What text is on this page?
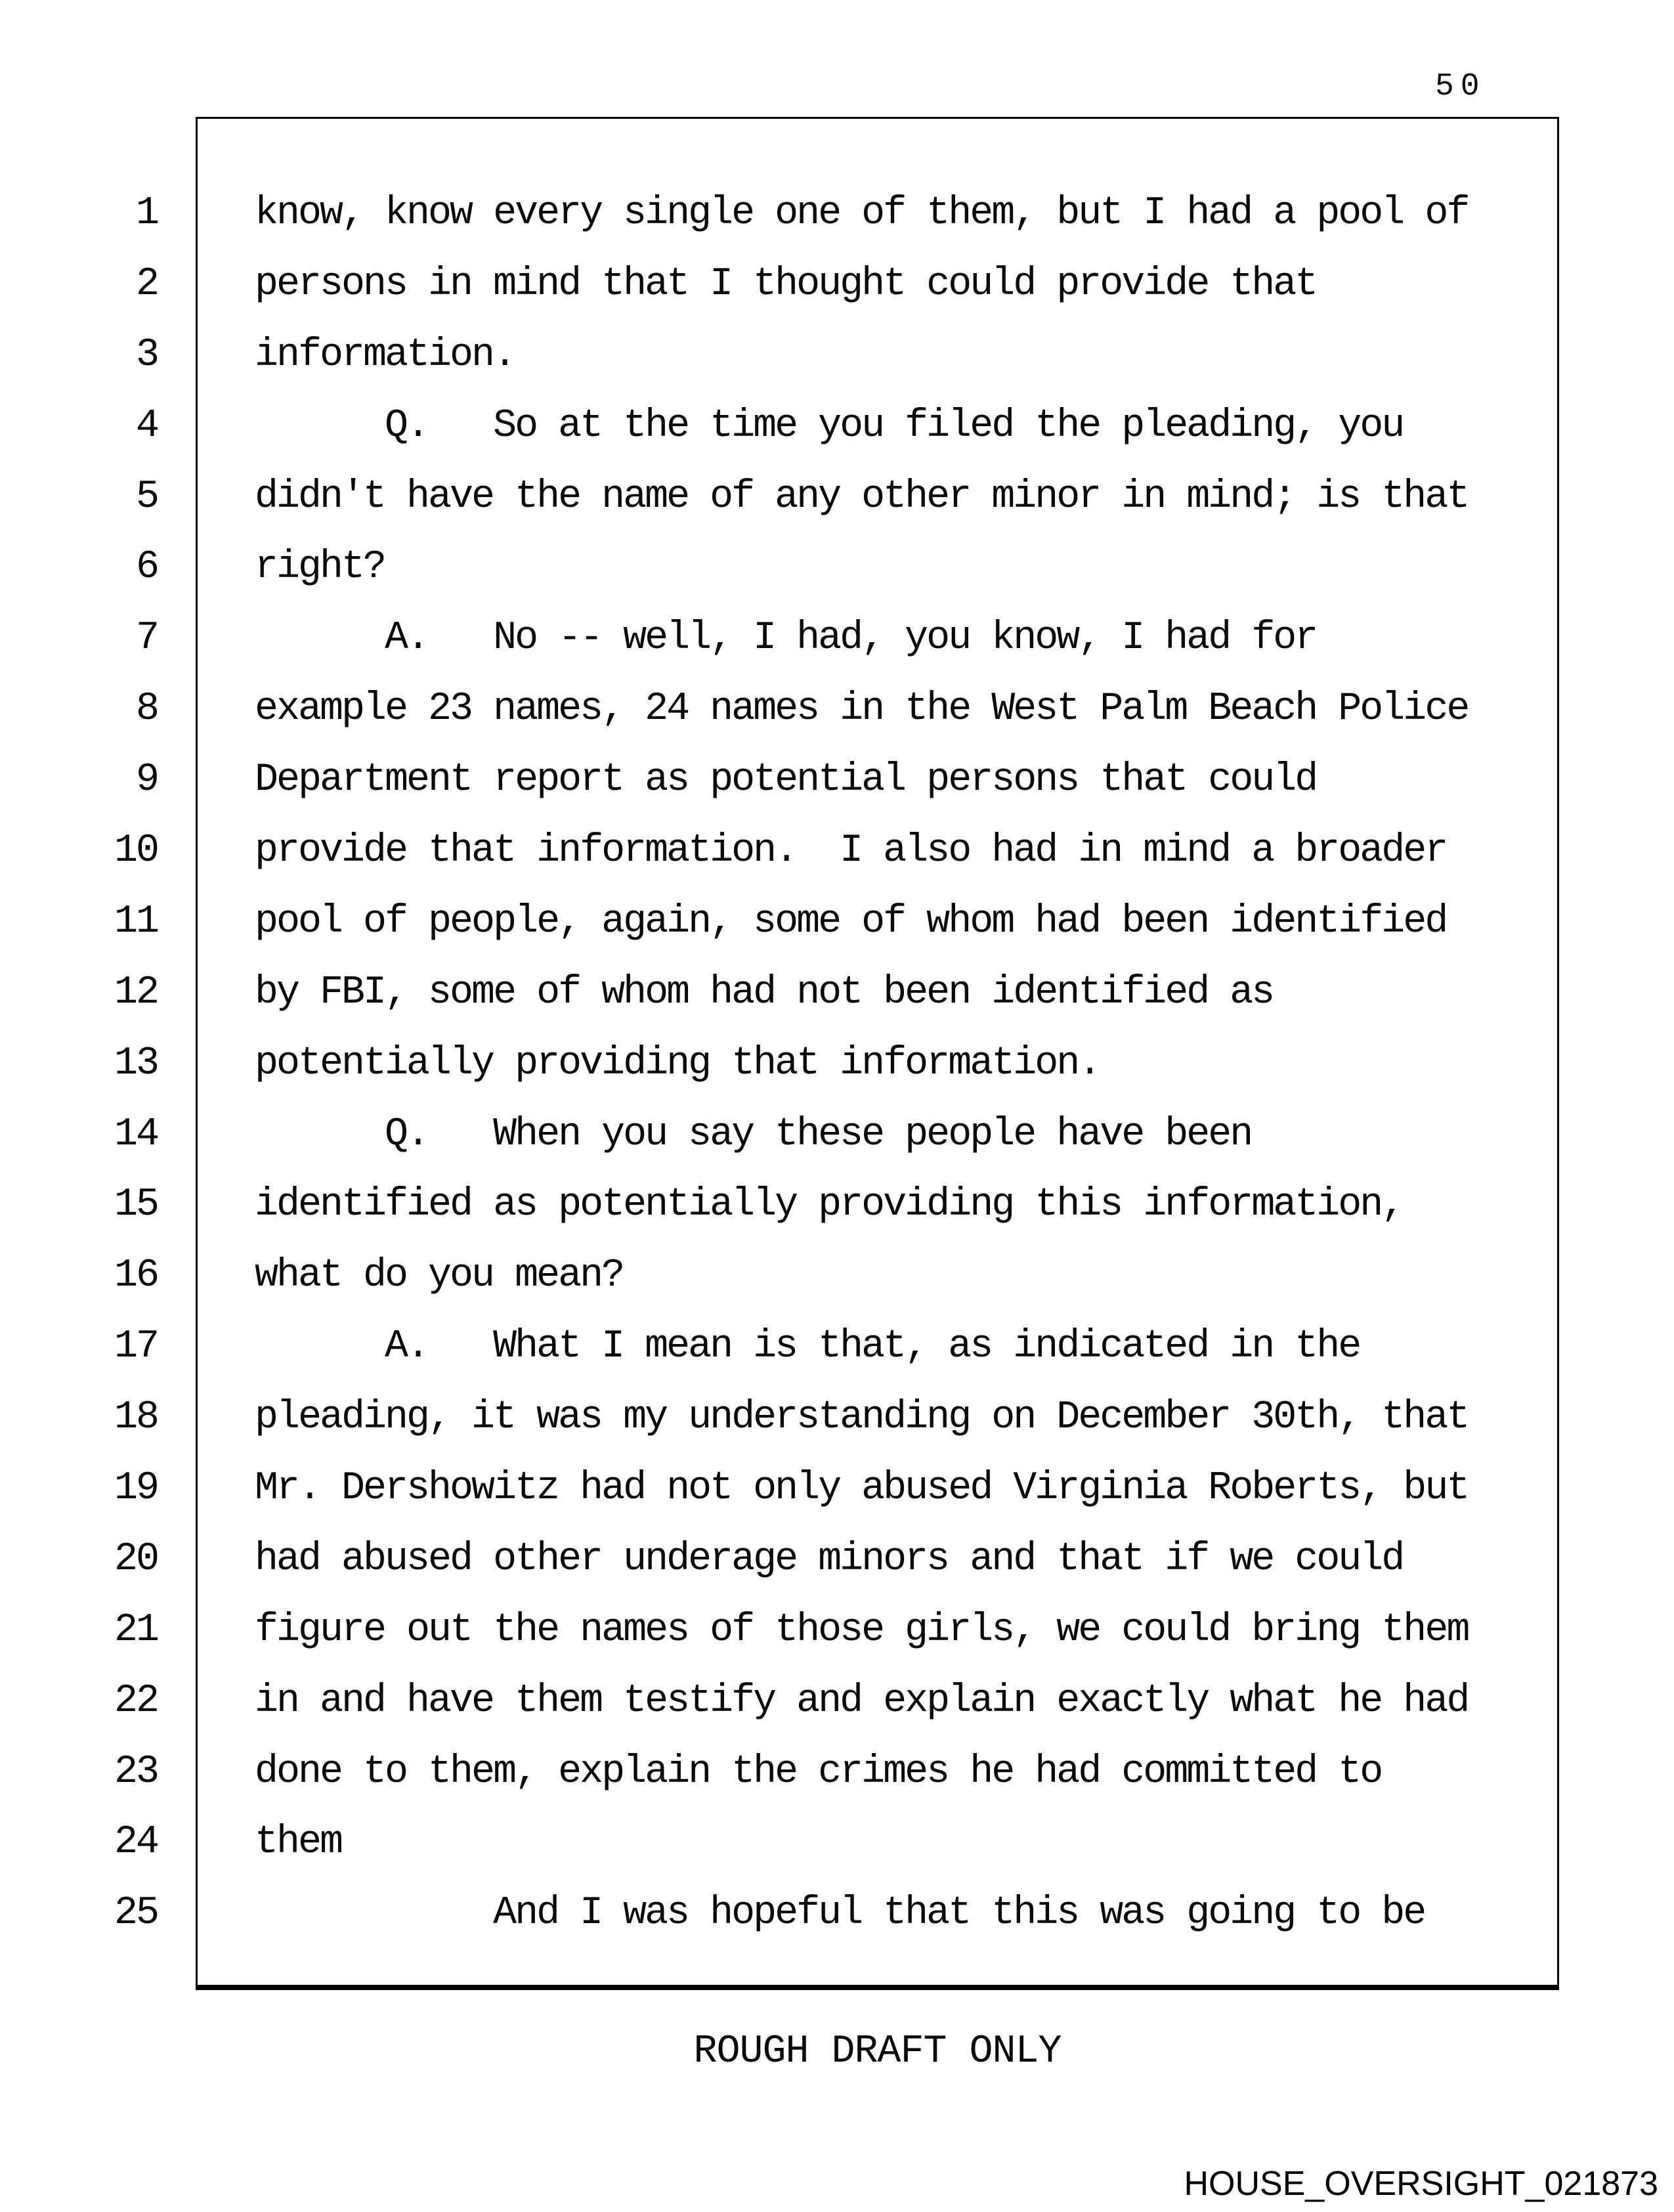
50
1 know, know every single one of them, but I had a pool of
2 persons in mind that I thought could provide that
3 information.
4 Q.   So at the time you filed the pleading, you
5 didn't have the name of any other minor in mind; is that
6 right?
7 A.   No -- well, I had, you know, I had for
8 example 23 names, 24 names in the West Palm Beach Police
9 Department report as potential persons that could
10 provide that information.  I also had in mind a broader
11 pool of people, again, some of whom had been identified
12 by FBI, some of whom had not been identified as
13 potentially providing that information.
14 Q.   When you say these people have been
15 identified as potentially providing this information,
16 what do you mean?
17 A.   What I mean is that, as indicated in the
18 pleading, it was my understanding on December 30th, that
19 Mr. Dershowitz had not only abused Virginia Roberts, but
20 had abused other underage minors and that if we could
21 figure out the names of those girls, we could bring them
22 in and have them testify and explain exactly what he had
23 done to them, explain the crimes he had committed to
24 them
25 And I was hopeful that this was going to be
ROUGH DRAFT ONLY
HOUSE_OVERSIGHT_021873
